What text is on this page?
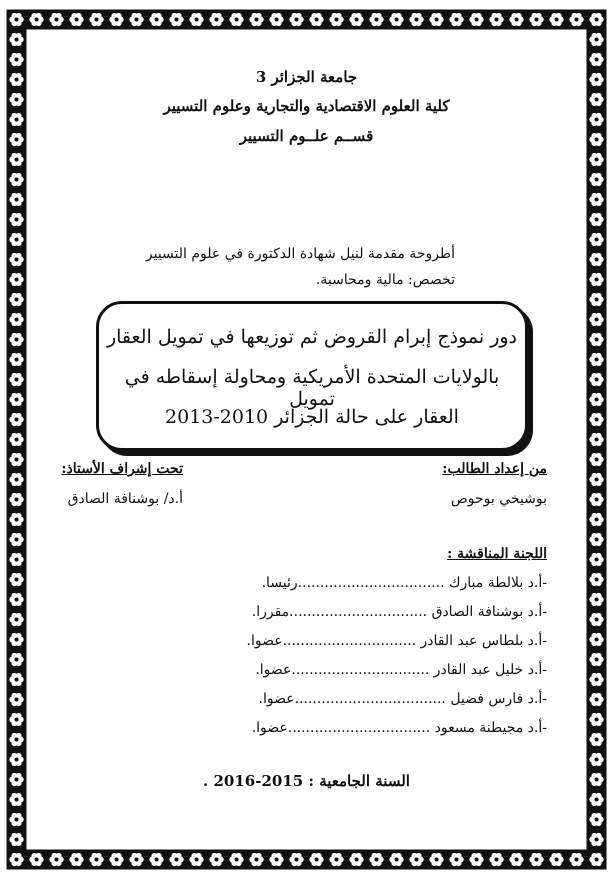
جامعة الجزائر 3
كلية العلوم الاقتصادية والتجارية وعلوم التسيير
قســم علــوم التسيير
أطروحة مقدمة لنيل شهادة الدكتورة في علوم التسيير
تخصص: مالية ومحاسبة.
دور نموذج إبرام القروض ثم توزيعها في تمويل العقار
بالولايات المتحدة الأمريكية ومحاولة إسقاطه في تمويل
العقار على حالة الجزائر 2010-2013
من إعداد الطالب:
بوشيخي بوحوص
تحت إشراف الأستاذ:
أ.د/ بوشنافة الصادق
اللجنة المناقشة :
-أ.د بلالطة مبارك .................................رئيسا.
-أ.د بوشنافة الصادق ...............................مقررا.
-أ.د بلطاس عبد القادر ..............................عضوا.
-أ.د خليل عبد القادر ...............................عضوا.
-أ.د فارس فضيل ..................................عضوا.
-أ.د مجيطنة مسعود ................................عضوا.
السنة الجامعية : 2015-2016 .
